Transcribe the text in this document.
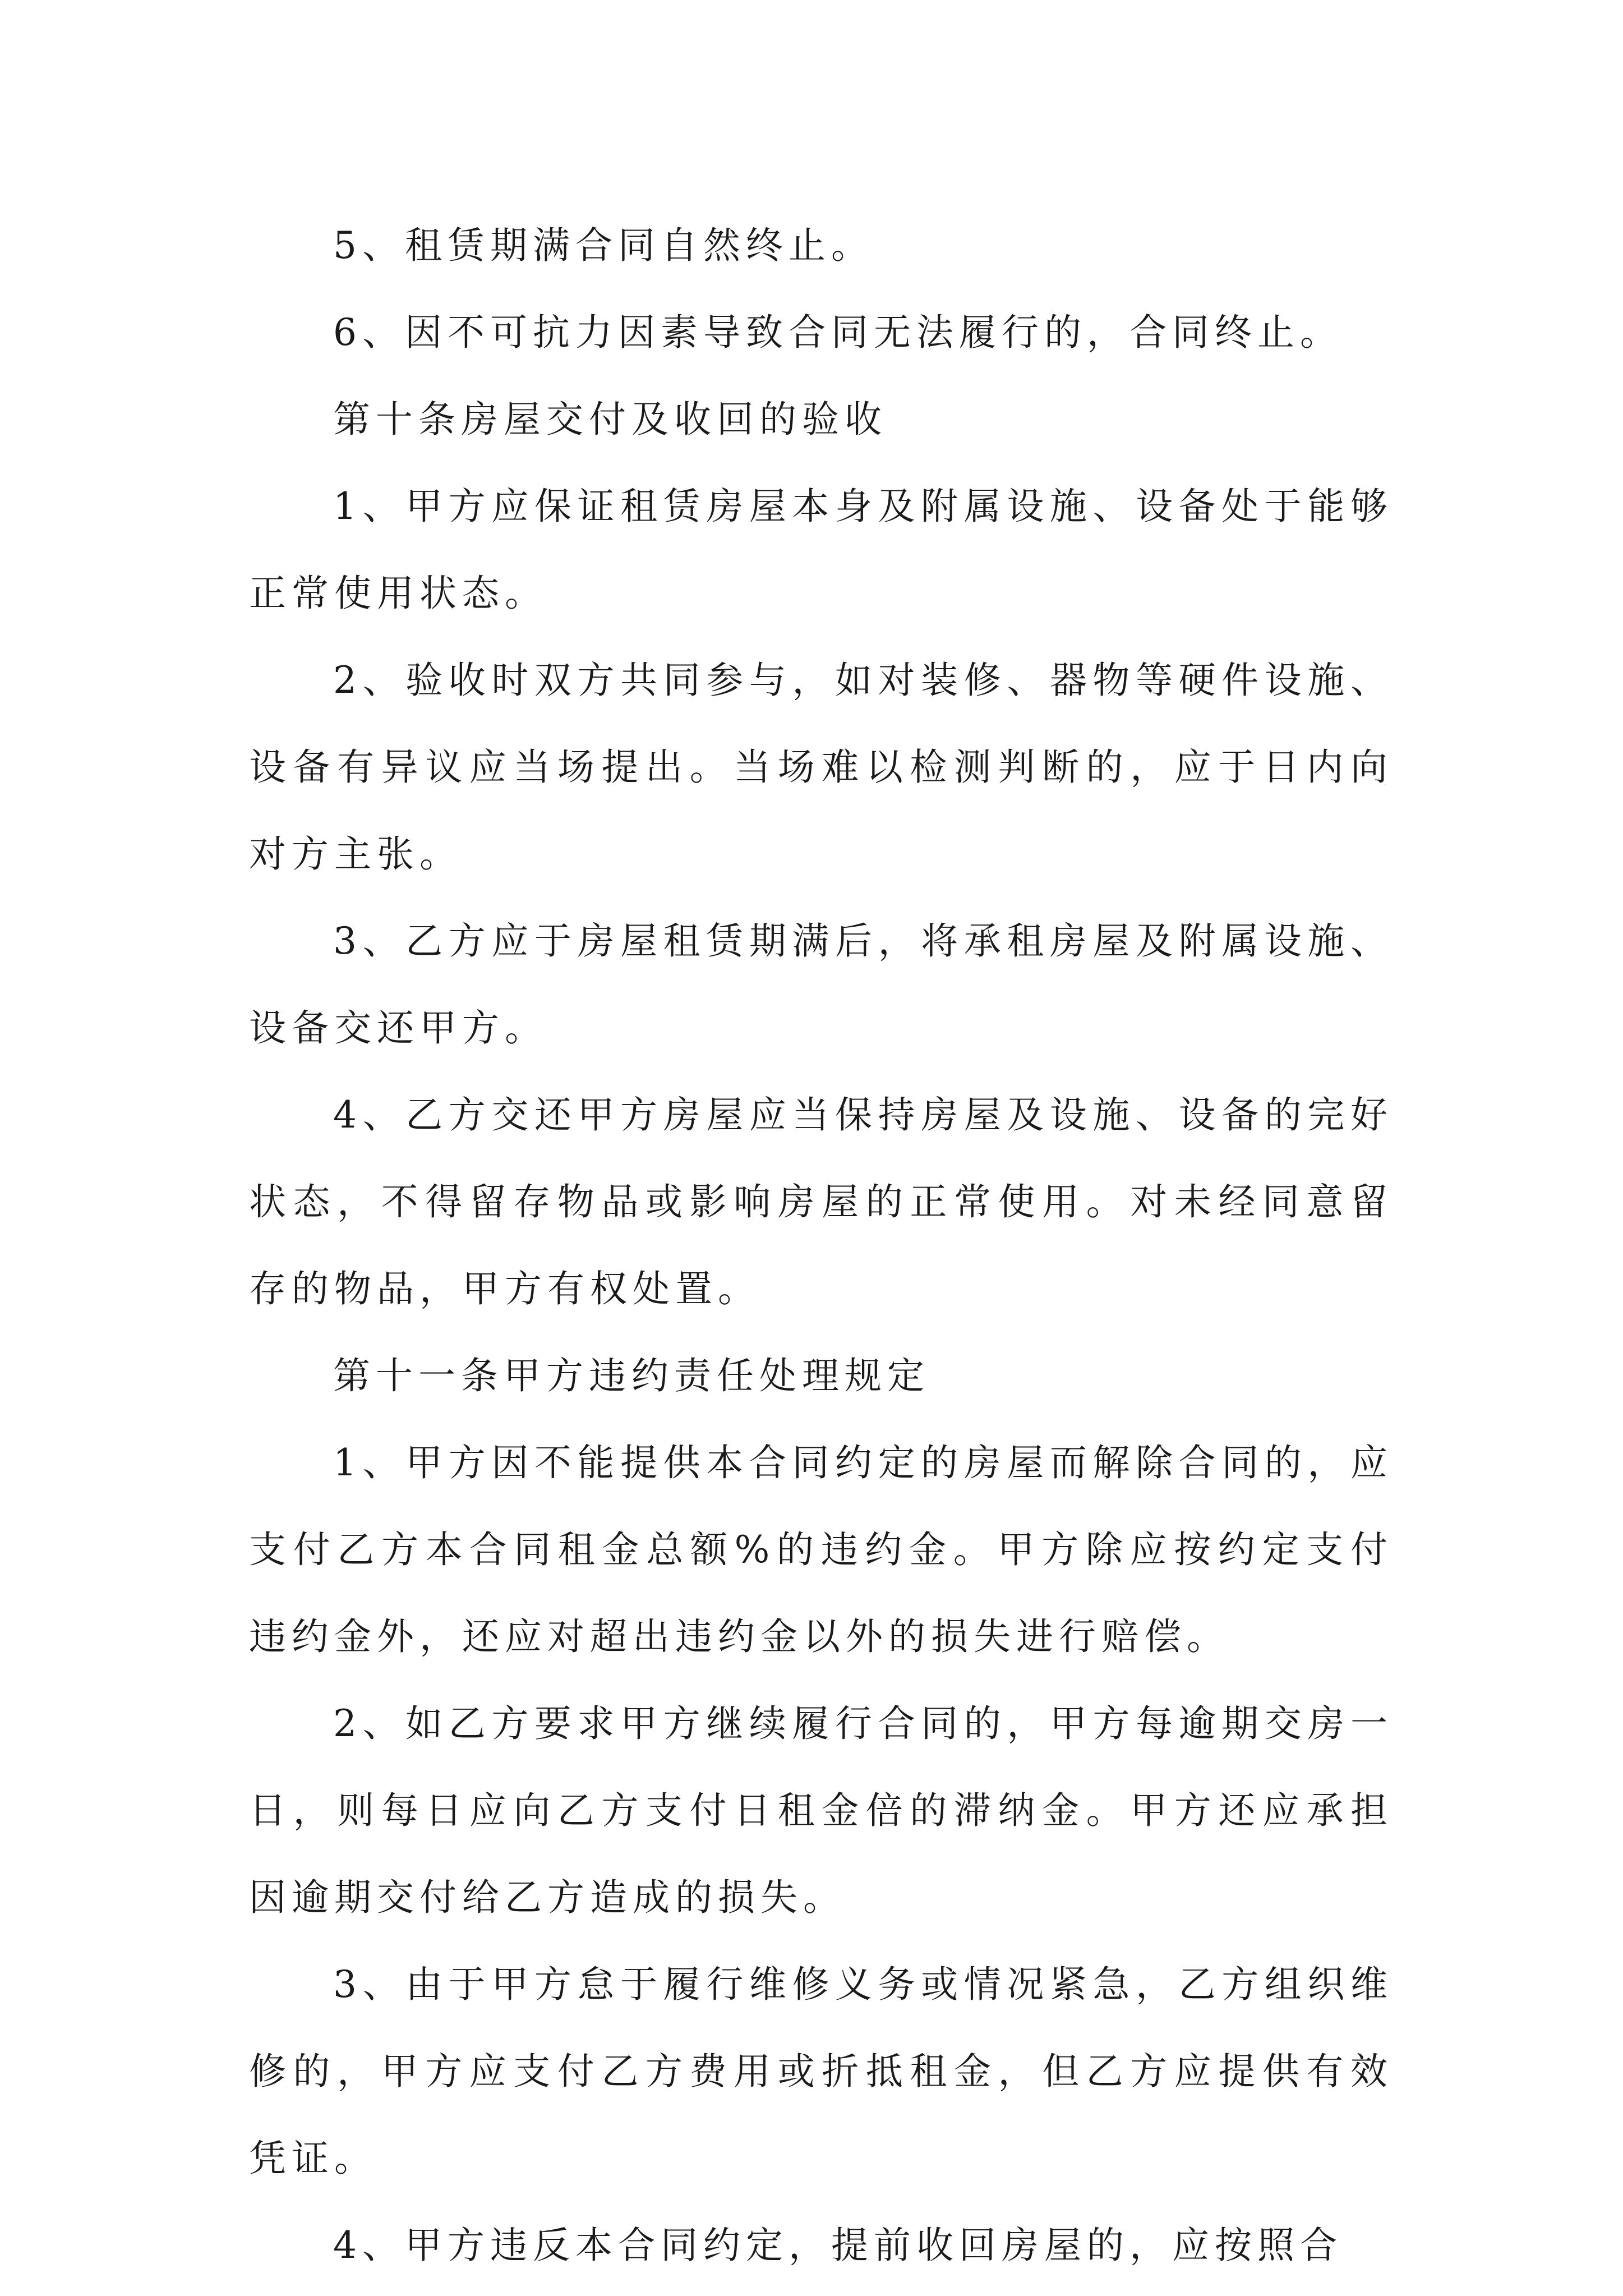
5、租赁期满合同自然终止。

6、因不可抗力因素导致合同无法履行的，合同终止。

第十条房屋交付及收回的验收

1、甲方应保证租赁房屋本身及附属设施、设备处于能够正常使用状态。

2、验收时双方共同参与，如对装修、器物等硬件设施、设备有异议应当场提出。当场难以检测判断的，应于日内向对方主张。

3、乙方应于房屋租赁期满后，将承租房屋及附属设施、设备交还甲方。

4、乙方交还甲方房屋应当保持房屋及设施、设备的完好状态，不得留存物品或影响房屋的正常使用。对未经同意留存的物品，甲方有权处置。

第十一条甲方违约责任处理规定

1、甲方因不能提供本合同约定的房屋而解除合同的，应支付乙方本合同租金总额%的违约金。甲方除应按约定支付违约金外，还应对超出违约金以外的损失进行赔偿。

2、如乙方要求甲方继续履行合同的，甲方每逾期交房一日，则每日应向乙方支付日租金倍的滞纳金。甲方还应承担因逾期交付给乙方造成的损失。

3、由于甲方怠于履行维修义务或情况紧急，乙方组织维修的，甲方应支付乙方费用或折抵租金，但乙方应提供有效凭证。

4、甲方违反本合同约定，提前收回房屋的，应按照合
